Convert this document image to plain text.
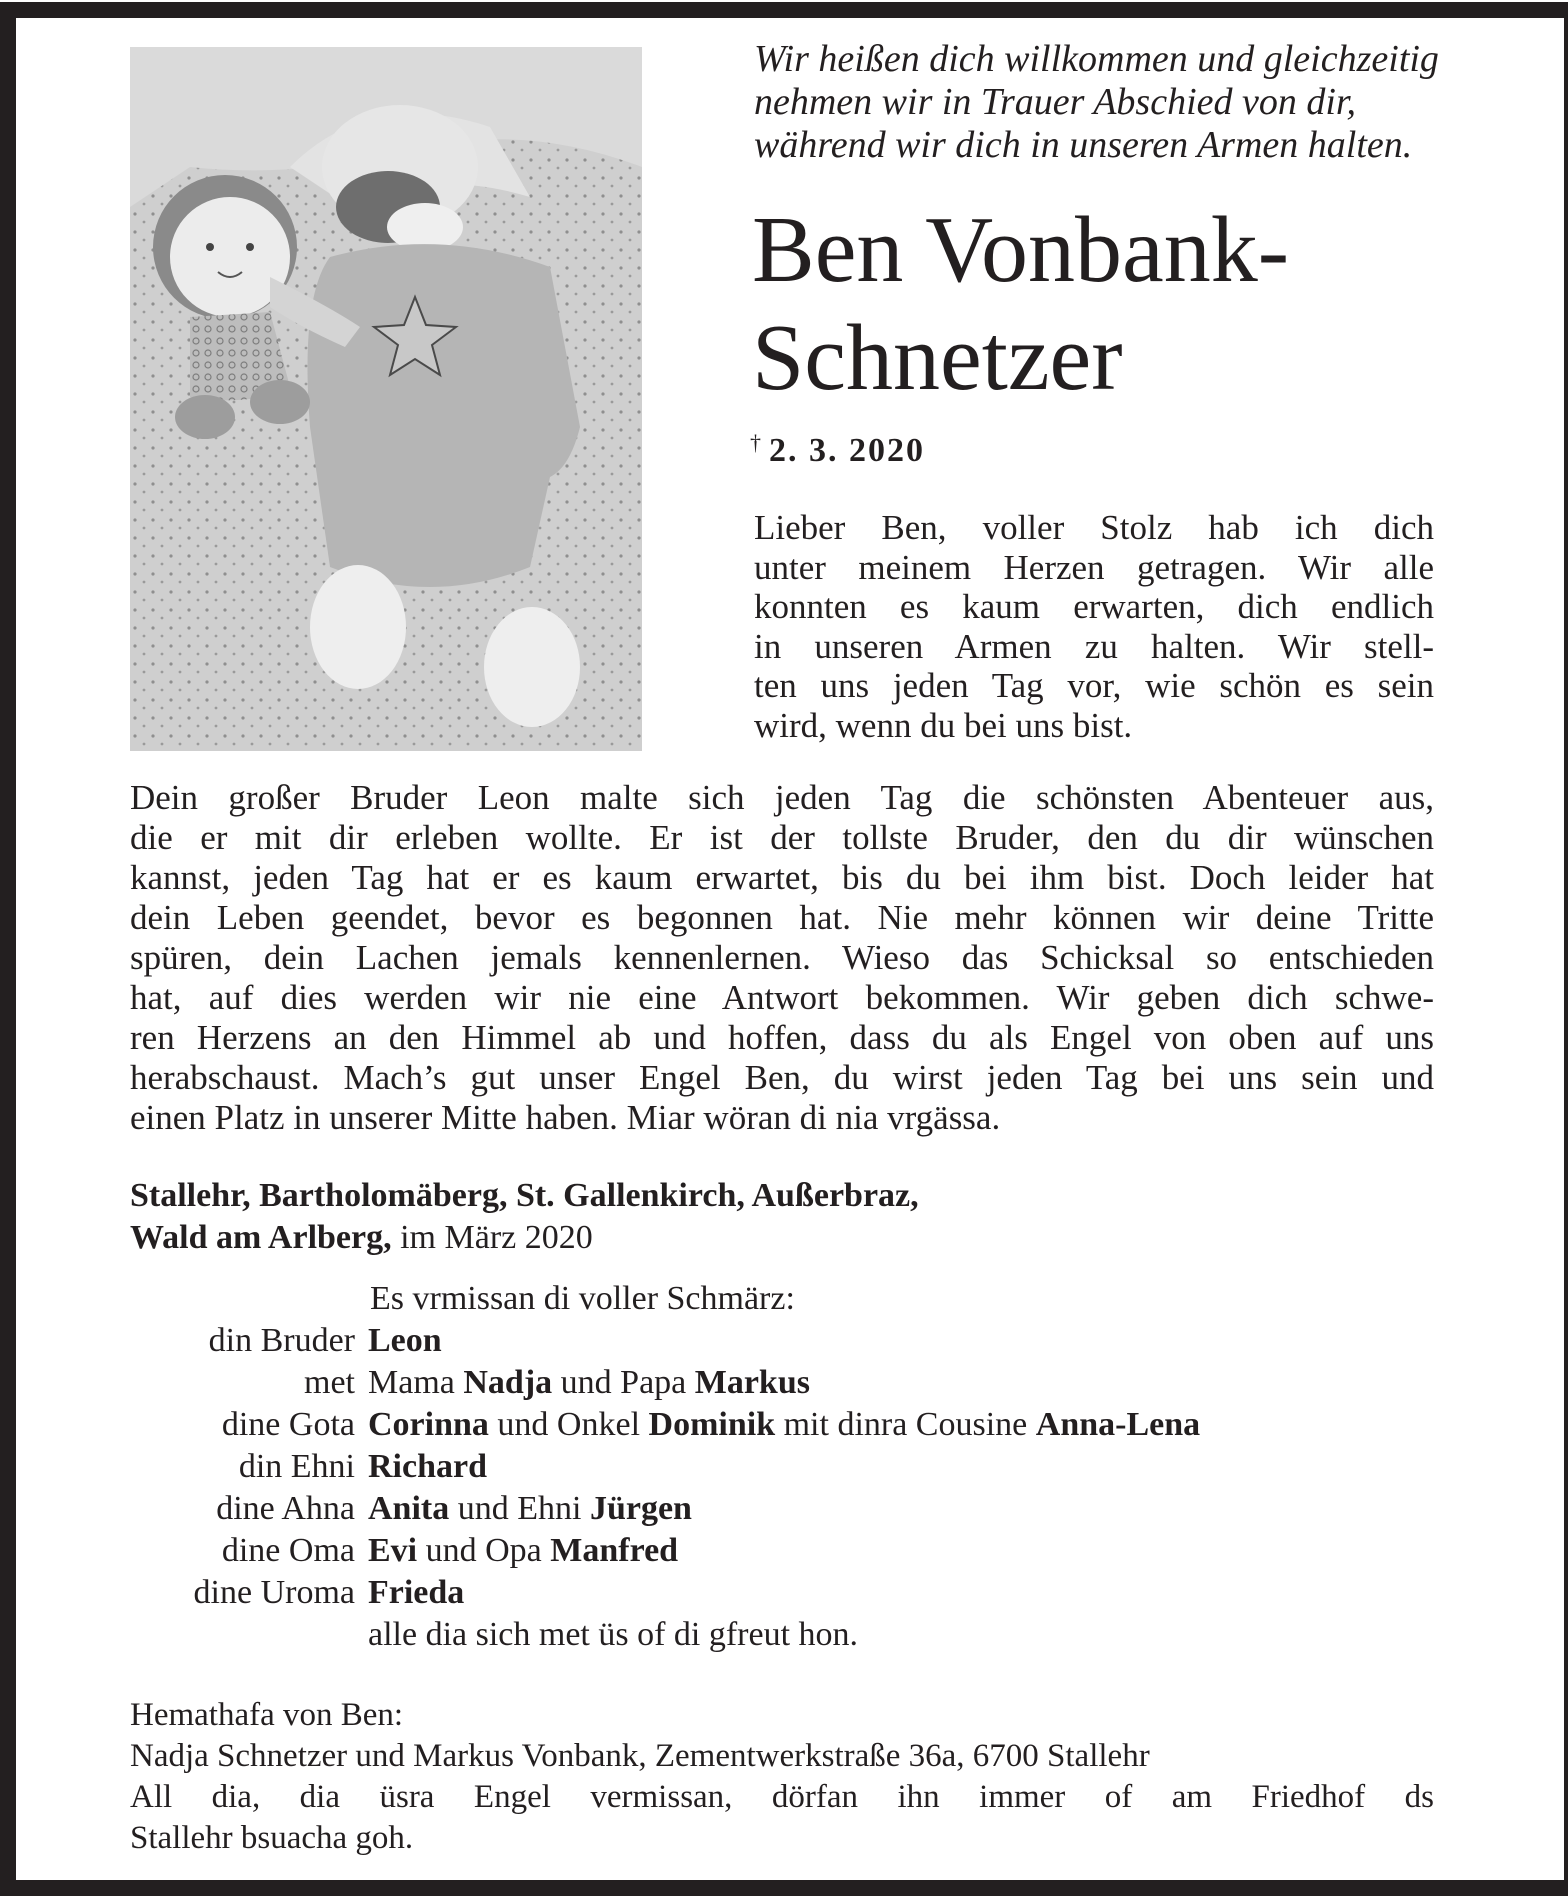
Wir heißen dich willkommen und gleichzeitig
nehmen wir in Trauer Abschied von dir,
während wir dich in unseren Armen halten.
Ben Vonbank-
Schnetzer
† 2. 3. 2020
Lieber Ben, voller Stolz hab ich dich
unter meinem Herzen getragen. Wir alle
konnten es kaum erwarten, dich endlich
in unseren Armen zu halten. Wir stell-
ten uns jeden Tag vor, wie schön es sein
wird, wenn du bei uns bist.
Dein großer Bruder Leon malte sich jeden Tag die schönsten Abenteuer aus,
die er mit dir erleben wollte. Er ist der tollste Bruder, den du dir wünschen
kannst, jeden Tag hat er es kaum erwartet, bis du bei ihm bist. Doch leider hat
dein Leben geendet, bevor es begonnen hat. Nie mehr können wir deine Tritte
spüren, dein Lachen jemals kennenlernen. Wieso das Schicksal so entschieden
hat, auf dies werden wir nie eine Antwort bekommen. Wir geben dich schwe-
ren Herzens an den Himmel ab und hoffen, dass du als Engel von oben auf uns
herabschaust. Mach’s gut unser Engel Ben, du wirst jeden Tag bei uns sein und
einen Platz in unserer Mitte haben. Miar wöran di nia vrgässa.
Stallehr, Bartholomäberg, St. Gallenkirch, Außerbraz,
Wald am Arlberg, im März 2020
Es vrmissan di voller Schmärz:
din Bruder Leon
met Mama Nadja und Papa Markus
dine Gota Corinna und Onkel Dominik mit dinra Cousine Anna-Lena
din Ehni Richard
dine Ahna Anita und Ehni Jürgen
dine Oma Evi und Opa Manfred
dine Uroma Frieda
alle dia sich met üs of di gfreut hon.
Hemathafa von Ben:
Nadja Schnetzer und Markus Vonbank, Zementwerkstraße 36a, 6700 Stallehr
All dia, dia üsra Engel vermissan, dörfan ihn immer of am Friedhof ds
Stallehr bsuacha goh.
